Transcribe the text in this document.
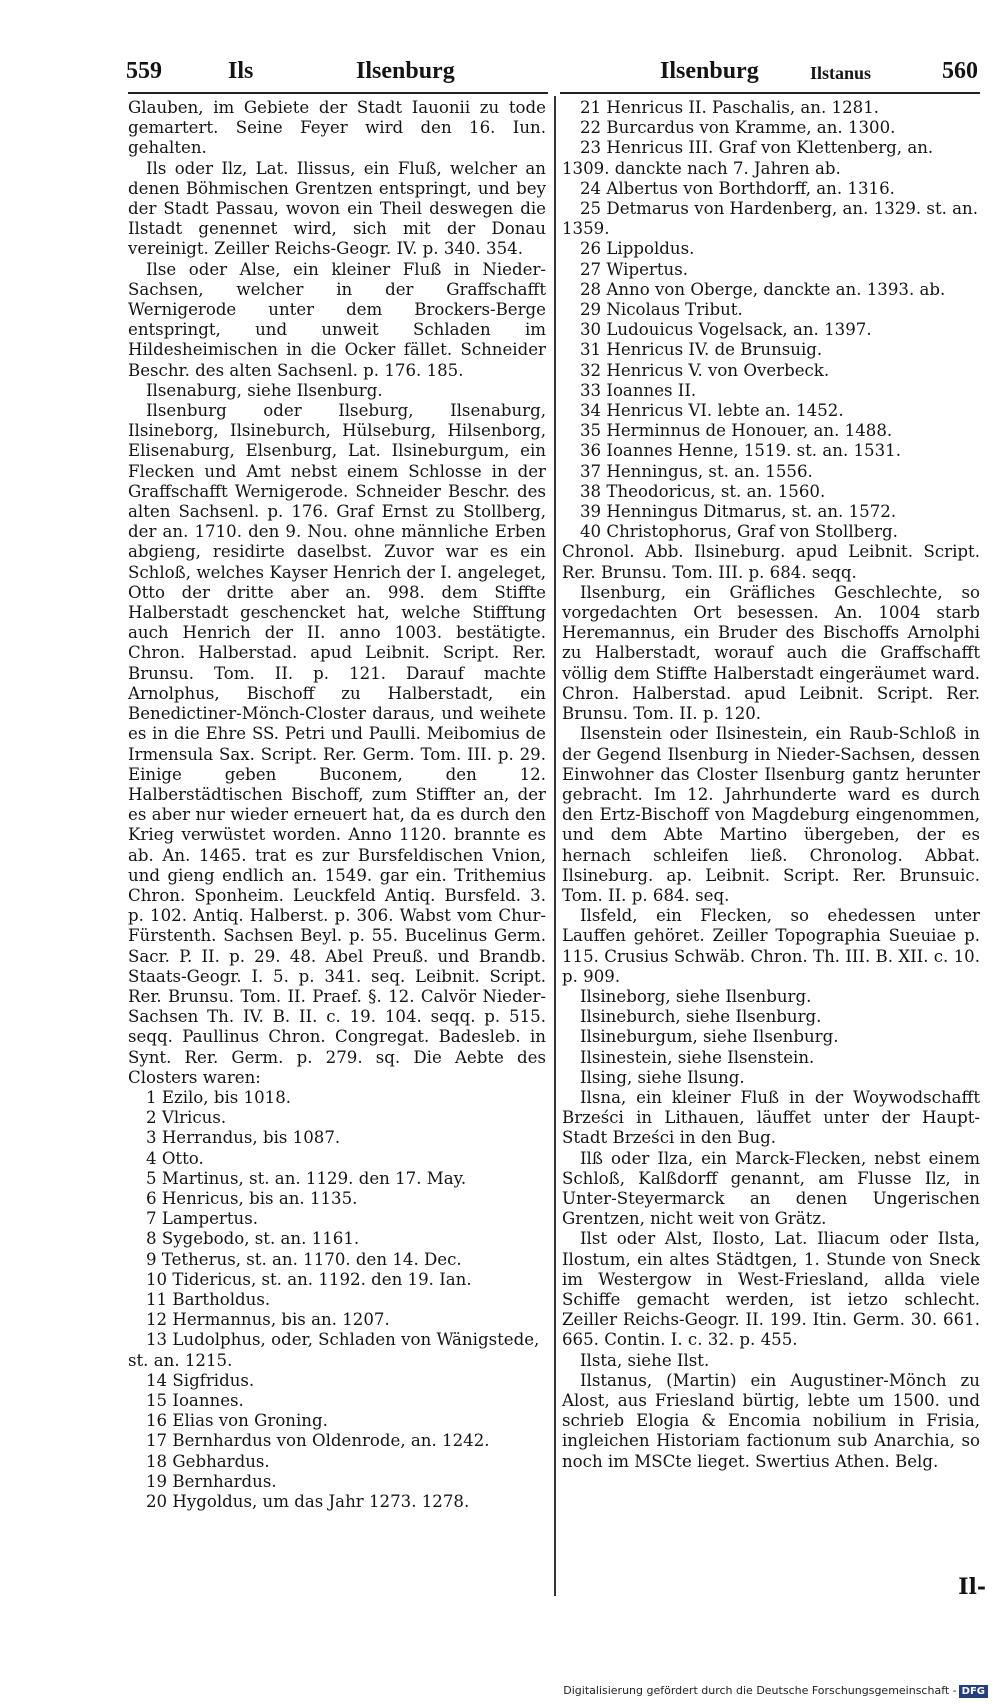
559	Ils	Ilsenburg	Ilsenburg	Ilstanus	560

Glauben, im Gebiete der Stadt Iauonii zu tode gemartert. Seine Feyer wird den 16. Iun. gehalten.

Ils oder Ilz, Lat. Ilissus, ein Fluß, welcher an denen Böhmischen Grentzen entspringt, und bey der Stadt Passau, wovon ein Theil deswegen die Ilstadt genennet wird, sich mit der Donau vereinigt. Zeiller Reichs-Geogr. IV. p. 340. 354.

Ilse oder Alse, ein kleiner Fluß in Nieder-Sachsen, welcher in der Graffschafft Wernigerode unter dem Brockers-Berge entspringt, und unweit Schladen im Hildesheimischen in die Ocker fället. Schneider Beschr. des alten Sachsenl. p. 176. 185.

Ilsenaburg, siehe Ilsenburg.

Ilsenburg oder Ilseburg, Ilsenaburg, Ilsineborg, Ilsineburch, Hülseburg, Hilsenborg, Elisenaburg, Elsenburg, Lat. Ilsineburgum, ein Flecken und Amt nebst einem Schlosse in der Graffschafft Wernigerode. Schneider Beschr. des alten Sachsenl. p. 176. Graf Ernst zu Stollberg, der an. 1710. den 9. Nou. ohne männliche Erben abgieng, residirte daselbst. Zuvor war es ein Schloß, welches Kayser Henrich der I. angeleget, Otto der dritte aber an. 998. dem Stiffte Halberstadt geschencket hat, welche Stifftung auch Henrich der II. anno 1003. bestätigte. Chron. Halberstad. apud Leibnit. Script. Rer. Brunsu. Tom. II. p. 121. Darauf machte Arnolphus, Bischoff zu Halberstadt, ein Benedictiner-Mönch-Closter daraus, und weihete es in die Ehre SS. Petri und Paulli. Meibomius de Irmensula Sax. Script. Rer. Germ. Tom. III. p. 29. Einige geben Buconem, den 12. Halberstädtischen Bischoff, zum Stiffter an, der es aber nur wieder erneuert hat, da es durch den Krieg verwüstet worden. Anno 1120. brannte es ab. An. 1465. trat es zur Bursfeldischen Vnion, und gieng endlich an. 1549. gar ein. Trithemius Chron. Sponheim. Leuckfeld Antiq. Bursfeld. 3. p. 102. Antiq. Halberst. p. 306. Wabst vom Chur-Fürstenth. Sachsen Beyl. p. 55. Bucelinus Germ. Sacr. P. II. p. 29. 48. Abel Preuß. und Brandb. Staats-Geogr. I. 5. p. 341. seq. Leibnit. Script. Rer. Brunsu. Tom. II. Praef. §. 12. Calvör Nieder-Sachsen Th. IV. B. II. c. 19. 104. seqq. p. 515. seqq. Paullinus Chron. Congregat. Badesleb. in Synt. Rer. Germ. p. 279. sq. Die Aebte des Closters waren:

1 Ezilo, bis 1018.

2 Vlricus.

3 Herrandus, bis 1087.

4 Otto.

5 Martinus, st. an. 1129. den 17. May.

6 Henricus, bis an. 1135.

7 Lampertus.

8 Sygebodo, st. an. 1161.

9 Tetherus, st. an. 1170. den 14. Dec.

10 Tidericus, st. an. 1192. den 19. Ian.

11 Bartholdus.

12 Hermannus, bis an. 1207.

13 Ludolphus, oder, Schladen von Wänigstede, st. an. 1215.

14 Sigfridus.

15 Ioannes.

16 Elias von Groning.

17 Bernhardus von Oldenrode, an. 1242.

18 Gebhardus.

19 Bernhardus.

20 Hygoldus, um das Jahr 1273. 1278.

21 Henricus II. Paschalis, an. 1281.

22 Burcardus von Kramme, an. 1300.

23 Henricus III. Graf von Klettenberg, an. 1309. danckte nach 7. Jahren ab.

24 Albertus von Borthdorff, an. 1316.

25 Detmarus von Hardenberg, an. 1329. st. an. 1359.

26 Lippoldus.

27 Wipertus.

28 Anno von Oberge, danckte an. 1393. ab.

29 Nicolaus Tribut.

30 Ludouicus Vogelsack, an. 1397.

31 Henricus IV. de Brunsuig.

32 Henricus V. von Overbeck.

33 Ioannes II.

34 Henricus VI. lebte an. 1452.

35 Herminnus de Honouer, an. 1488.

36 Ioannes Henne, 1519. st. an. 1531.

37 Henningus, st. an. 1556.

38 Theodoricus, st. an. 1560.

39 Henningus Ditmarus, st. an. 1572.

40 Christophorus, Graf von Stollberg.

Chronol. Abb. Ilsineburg. apud Leibnit. Script. Rer. Brunsu. Tom. III. p. 684. seqq.

Ilsenburg, ein Gräfliches Geschlechte, so vorgedachten Ort besessen. An. 1004 starb Heremannus, ein Bruder des Bischoffs Arnolphi zu Halberstadt, worauf auch die Graffschafft völlig dem Stiffte Halberstadt eingeräumet ward. Chron. Halberstad. apud Leibnit. Script. Rer. Brunsu. Tom. II. p. 120.

Ilsenstein oder Ilsinestein, ein Raub-Schloß in der Gegend Ilsenburg in Nieder-Sachsen, dessen Einwohner das Closter Ilsenburg gantz herunter gebracht. Im 12. Jahrhunderte ward es durch den Ertz-Bischoff von Magdeburg eingenommen, und dem Abte Martino übergeben, der es hernach schleifen ließ. Chronolog. Abbat. Ilsineburg. ap. Leibnit. Script. Rer. Brunsuic. Tom. II. p. 684. seq.

Ilsfeld, ein Flecken, so ehedessen unter Lauffen gehöret. Zeiller Topographia Sueuiae p. 115. Crusius Schwäb. Chron. Th. III. B. XII. c. 10. p. 909.

Ilsineborg, siehe Ilsenburg.

Ilsineburch, siehe Ilsenburg.

Ilsineburgum, siehe Ilsenburg.

Ilsinestein, siehe Ilsenstein.

Ilsing, siehe Ilsung.

Ilsna, ein kleiner Fluß in der Woywodschafft Brześci in Lithauen, läuffet unter der Haupt-Stadt Brześci in den Bug.

Ilß oder Ilza, ein Marck-Flecken, nebst einem Schloß, Kalßdorff genannt, am Flusse Ilz, in Unter-Steyermarck an denen Ungerischen Grentzen, nicht weit von Grätz.

Ilst oder Alst, Ilosto, Lat. Iliacum oder Ilsta, Ilostum, ein altes Städtgen, 1. Stunde von Sneck im Westergow in West-Friesland, allda viele Schiffe gemacht werden, ist ietzo schlecht. Zeiller Reichs-Geogr. II. 199. Itin. Germ. 30. 661. 665. Contin. I. c. 32. p. 455.

Ilsta, siehe Ilst.

Ilstanus, (Martin) ein Augustiner-Mönch zu Alost, aus Friesland bürtig, lebte um 1500. und schrieb Elogia & Encomia nobilium in Frisia, ingleichen Historiam factionum sub Anarchia, so noch im MSCte lieget. Swertius Athen. Belg.

Il-
Digitalisierung gefördert durch die Deutsche Forschungsgemeinschaft - DFG
